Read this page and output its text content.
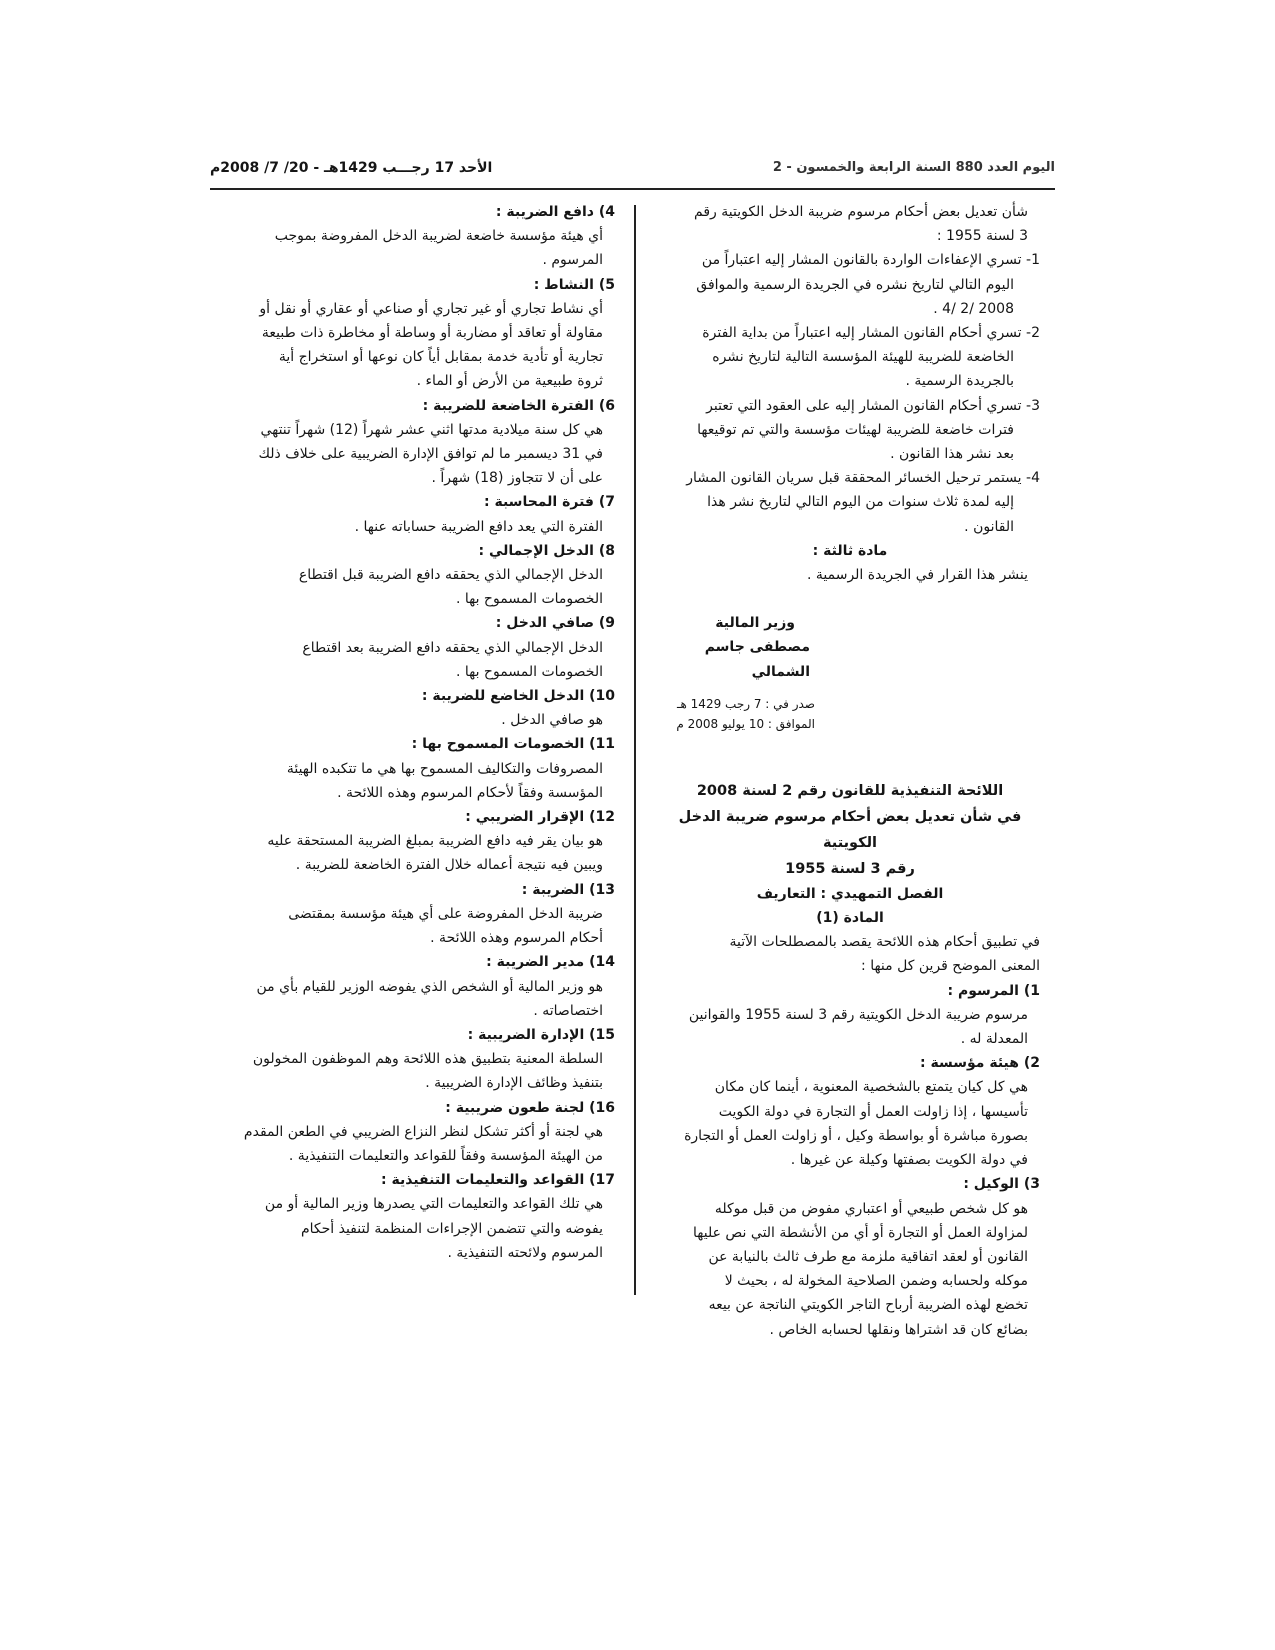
اليوم العدد 880 السنة الرابعة والخمسون - 2
الأحد 17 رجـــب 1429هـ - 20/ 7/ 2008م

شأن تعديل بعض أحكام مرسوم ضريبة الدخل الكويتية رقم

3 لسنة 1955 :

1- تسري الإعفاءات الواردة بالقانون المشار إليه اعتباراً من

اليوم التالي لتاريخ نشره في الجريدة الرسمية والموافق

2008 /2 /4 .

2- تسري أحكام القانون المشار إليه اعتباراً من بداية الفترة

الخاضعة للضريبة للهيئة المؤسسة التالية لتاريخ نشره

بالجريدة الرسمية .

3- تسري أحكام القانون المشار إليه على العقود التي تعتبر

فترات خاضعة للضريبة لهيئات مؤسسة والتي تم توقيعها

بعد نشر هذا القانون .

4- يستمر ترحيل الخسائر المحققة قبل سريان القانون المشار

إليه لمدة ثلاث سنوات من اليوم التالي لتاريخ نشر هذا

القانون .

مادة ثالثة :

ينشر هذا القرار في الجريدة الرسمية .

وزير المالية

مصطفى جاسم الشمالي

صدر في : 7 رجب 1429 هـ

الموافق : 10 يوليو 2008 م

اللائحة التنفيذية للقانون رقم 2 لسنة 2008

في شأن تعديل بعض أحكام مرسوم ضريبة الدخل الكويتية

رقم 3 لسنة 1955

الفصل التمهيدي : التعاريف

المادة (1)

في تطبيق أحكام هذه اللائحة يقصد بالمصطلحات الآتية

المعنى الموضح قرين كل منها :

1) المرسوم :

مرسوم ضريبة الدخل الكويتية رقم 3 لسنة 1955 والقوانين

المعدلة له .

2) هيئة مؤسسة :

هي كل كيان يتمتع بالشخصية المعنوية ، أينما كان مكان

تأسيسها ، إذا زاولت العمل أو التجارة في دولة الكويت

بصورة مباشرة أو بواسطة وكيل ، أو زاولت العمل أو التجارة

في دولة الكويت بصفتها وكيلة عن غيرها .

3) الوكيل :

هو كل شخص طبيعي أو اعتباري مفوض من قبل موكله

لمزاولة العمل أو التجارة أو أي من الأنشطة التي نص عليها

القانون أو لعقد اتفاقية ملزمة مع طرف ثالث بالنيابة عن

موكله ولحسابه وضمن الصلاحية المخولة له ، بحيث لا

تخضع لهذه الضريبة أرباح التاجر الكويتي الناتجة عن بيعه

بضائع كان قد اشتراها ونقلها لحسابه الخاص .

4) دافع الضريبة :

أي هيئة مؤسسة خاضعة لضريبة الدخل المفروضة بموجب

المرسوم .

5) النشاط :

أي نشاط تجاري أو غير تجاري أو صناعي أو عقاري أو نقل أو

مقاولة أو تعاقد أو مضاربة أو وساطة أو مخاطرة ذات طبيعة

تجارية أو تأدية خدمة بمقابل أياً كان نوعها أو استخراج أية

ثروة طبيعية من الأرض أو الماء .

6) الفترة الخاضعة للضريبة :

هي كل سنة ميلادية مدتها اثني عشر شهراً (12) شهراً تنتهي

في 31 ديسمبر ما لم توافق الإدارة الضريبية على خلاف ذلك

على أن لا تتجاوز (18) شهراً .

7) فترة المحاسبة :

الفترة التي يعد دافع الضريبة حساباته عنها .

8) الدخل الإجمالي :

الدخل الإجمالي الذي يحققه دافع الضريبة قبل اقتطاع

الخصومات المسموح بها .

9) صافي الدخل :

الدخل الإجمالي الذي يحققه دافع الضريبة بعد اقتطاع

الخصومات المسموح بها .

10) الدخل الخاضع للضريبة :

هو صافي الدخل .

11) الخصومات المسموح بها :

المصروفات والتكاليف المسموح بها هي ما تتكبده الهيئة

المؤسسة وفقاً لأحكام المرسوم وهذه اللائحة .

12) الإقرار الضريبي :

هو بيان يقر فيه دافع الضريبة بمبلغ الضريبة المستحقة عليه

ويبين فيه نتيجة أعماله خلال الفترة الخاضعة للضريبة .

13) الضريبة :

ضريبة الدخل المفروضة على أي هيئة مؤسسة بمقتضى

أحكام المرسوم وهذه اللائحة .

14) مدير الضريبة :

هو وزير المالية أو الشخص الذي يفوضه الوزير للقيام بأي من

اختصاصاته .

15) الإدارة الضريبية :

السلطة المعنية بتطبيق هذه اللائحة وهم الموظفون المخولون

بتنفيذ وظائف الإدارة الضريبية .

16) لجنة طعون ضريبية :

هي لجنة أو أكثر تشكل لنظر النزاع الضريبي في الطعن المقدم

من الهيئة المؤسسة وفقاً للقواعد والتعليمات التنفيذية .

17) القواعد والتعليمات التنفيذية :

هي تلك القواعد والتعليمات التي يصدرها وزير المالية أو من

يفوضه والتي تتضمن الإجراءات المنظمة لتنفيذ أحكام

المرسوم ولائحته التنفيذية .
